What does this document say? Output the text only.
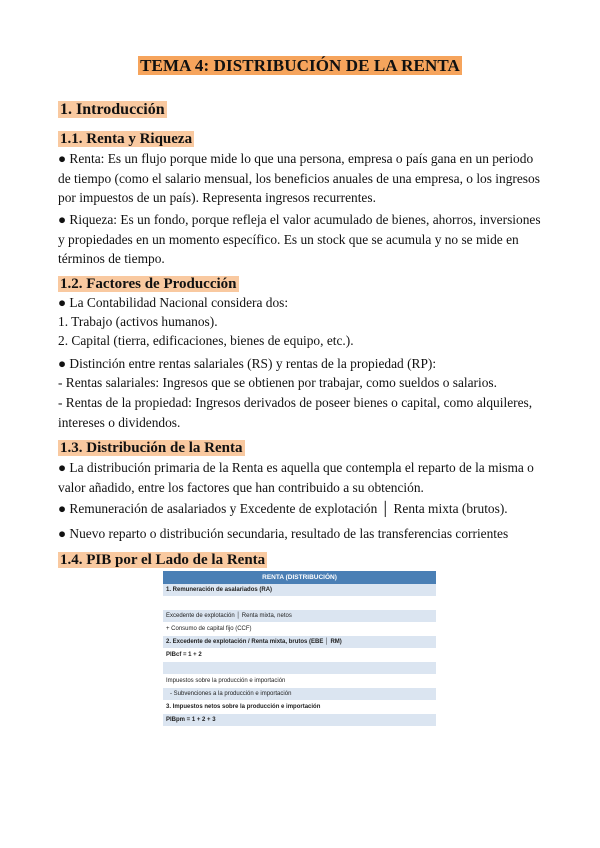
TEMA 4: DISTRIBUCIÓN DE LA RENTA
1. Introducción
1.1. Renta y Riqueza
● Renta: Es un flujo porque mide lo que una persona, empresa o país gana en un periodo de tiempo (como el salario mensual, los beneficios anuales de una empresa, o los ingresos por impuestos de un país). Representa ingresos recurrentes.
● Riqueza: Es un fondo, porque refleja el valor acumulado de bienes, ahorros, inversiones y propiedades en un momento específico. Es un stock que se acumula y no se mide en términos de tiempo.
1.2. Factores de Producción
● La Contabilidad Nacional considera dos:
1. Trabajo (activos humanos).
2. Capital (tierra, edificaciones, bienes de equipo, etc.).
● Distinción entre rentas salariales (RS) y rentas de la propiedad (RP):
- Rentas salariales: Ingresos que se obtienen por trabajar, como sueldos o salarios.
- Rentas de la propiedad: Ingresos derivados de poseer bienes o capital, como alquileres, intereses o dividendos.
1.3. Distribución de la Renta
● La distribución primaria de la Renta es aquella que contempla el reparto de la misma o valor añadido, entre los factores que han contribuido a su obtención.
● Remuneración de asalariados y Excedente de explotación │ Renta mixta (brutos).
● Nuevo reparto o distribución secundaria, resultado de las transferencias corrientes
1.4. PIB por el Lado de la Renta
RENTA (DISTRIBUCIÓN)
1. Remuneración de asalariados (RA)
Excedente de explotación │ Renta mixta, netos
+ Consumo de capital fijo (CCF)
2. Excedente de explotación / Renta mixta, brutos (EBE │ RM)
PIBcf = 1 + 2
Impuestos sobre la producción e importación
- Subvenciones a la producción e importación
3. Impuestos netos sobre la producción e importación
PIBpm = 1 + 2 + 3
